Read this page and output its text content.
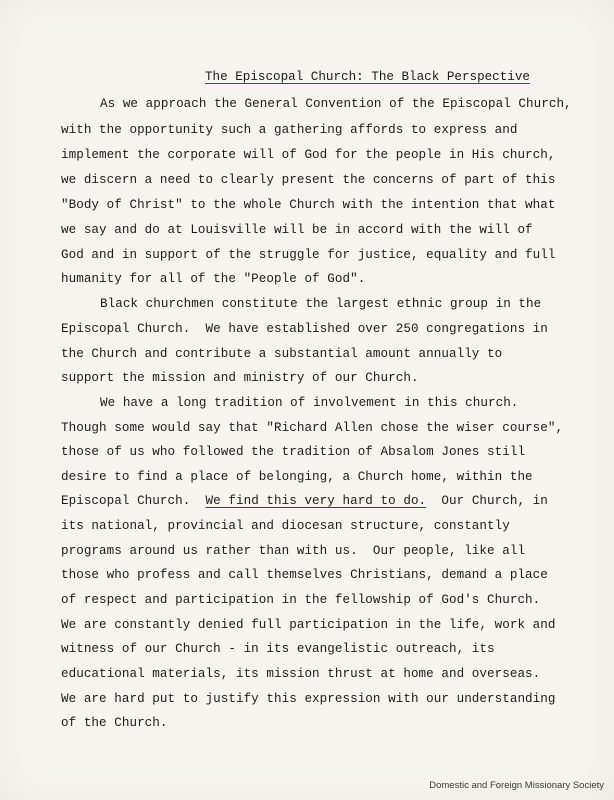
The Episcopal Church: The Black Perspective
As we approach the General Convention of the Episcopal Church,
with the opportunity such a gathering affords to express and
implement the corporate will of God for the people in His church,
we discern a need to clearly present the concerns of part of this
"Body of Christ" to the whole Church with the intention that what
we say and do at Louisville will be in accord with the will of
God and in support of the struggle for justice, equality and full
humanity for all of the "People of God".
Black churchmen constitute the largest ethnic group in the
Episcopal Church.  We have established over 250 congregations in
the Church and contribute a substantial amount annually to
support the mission and ministry of our Church.
We have a long tradition of involvement in this church.
Though some would say that "Richard Allen chose the wiser course",
those of us who followed the tradition of Absalom Jones still
desire to find a place of belonging, a Church home, within the
Episcopal Church.  We find this very hard to do.  Our Church, in
its national, provincial and diocesan structure, constantly
programs around us rather than with us.  Our people, like all
those who profess and call themselves Christians, demand a place
of respect and participation in the fellowship of God's Church.
We are constantly denied full participation in the life, work and
witness of our Church - in its evangelistic outreach, its
educational materials, its mission thrust at home and overseas.
We are hard put to justify this expression with our understanding
of the Church.
Domestic and Foreign Missionary Society
